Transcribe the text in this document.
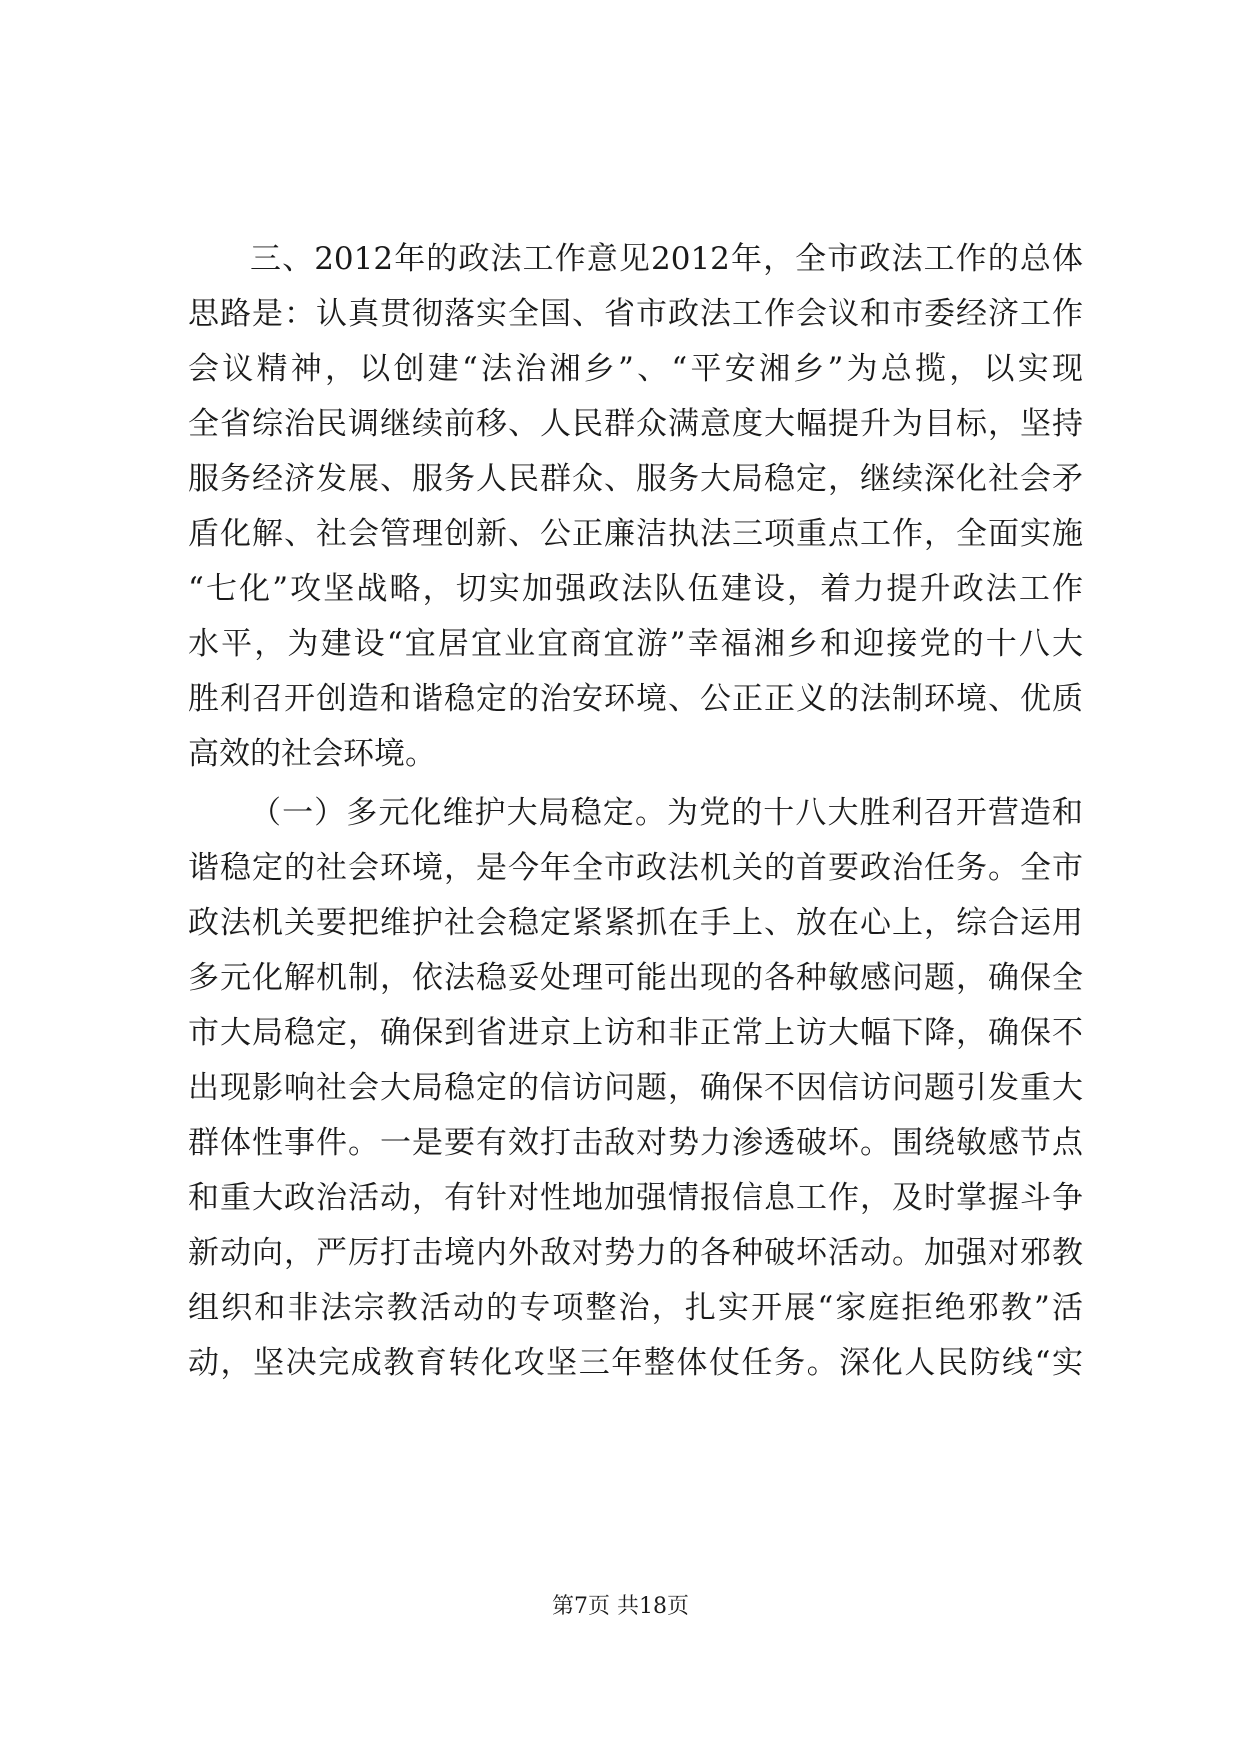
三、2012年的政法工作意见2012年，全市政法工作的总体
思路是：认真贯彻落实全国、省市政法工作会议和市委经济工作
会议精神，以创建“法治湘乡”、“平安湘乡”为总揽，以实现
全省综治民调继续前移、人民群众满意度大幅提升为目标，坚持
服务经济发展、服务人民群众、服务大局稳定，继续深化社会矛
盾化解、社会管理创新、公正廉洁执法三项重点工作，全面实施
“七化”攻坚战略，切实加强政法队伍建设，着力提升政法工作
水平，为建设“宜居宜业宜商宜游”幸福湘乡和迎接党的十八大
胜利召开创造和谐稳定的治安环境、公正正义的法制环境、优质
高效的社会环境。
（一）多元化维护大局稳定。为党的十八大胜利召开营造和
谐稳定的社会环境，是今年全市政法机关的首要政治任务。全市
政法机关要把维护社会稳定紧紧抓在手上、放在心上，综合运用
多元化解机制，依法稳妥处理可能出现的各种敏感问题，确保全
市大局稳定，确保到省进京上访和非正常上访大幅下降，确保不
出现影响社会大局稳定的信访问题，确保不因信访问题引发重大
群体性事件。一是要有效打击敌对势力渗透破坏。围绕敏感节点
和重大政治活动，有针对性地加强情报信息工作，及时掌握斗争
新动向，严厉打击境内外敌对势力的各种破坏活动。加强对邪教
组织和非法宗教活动的专项整治，扎实开展“家庭拒绝邪教”活
动，坚决完成教育转化攻坚三年整体仗任务。深化人民防线“实
第7页 共18页
